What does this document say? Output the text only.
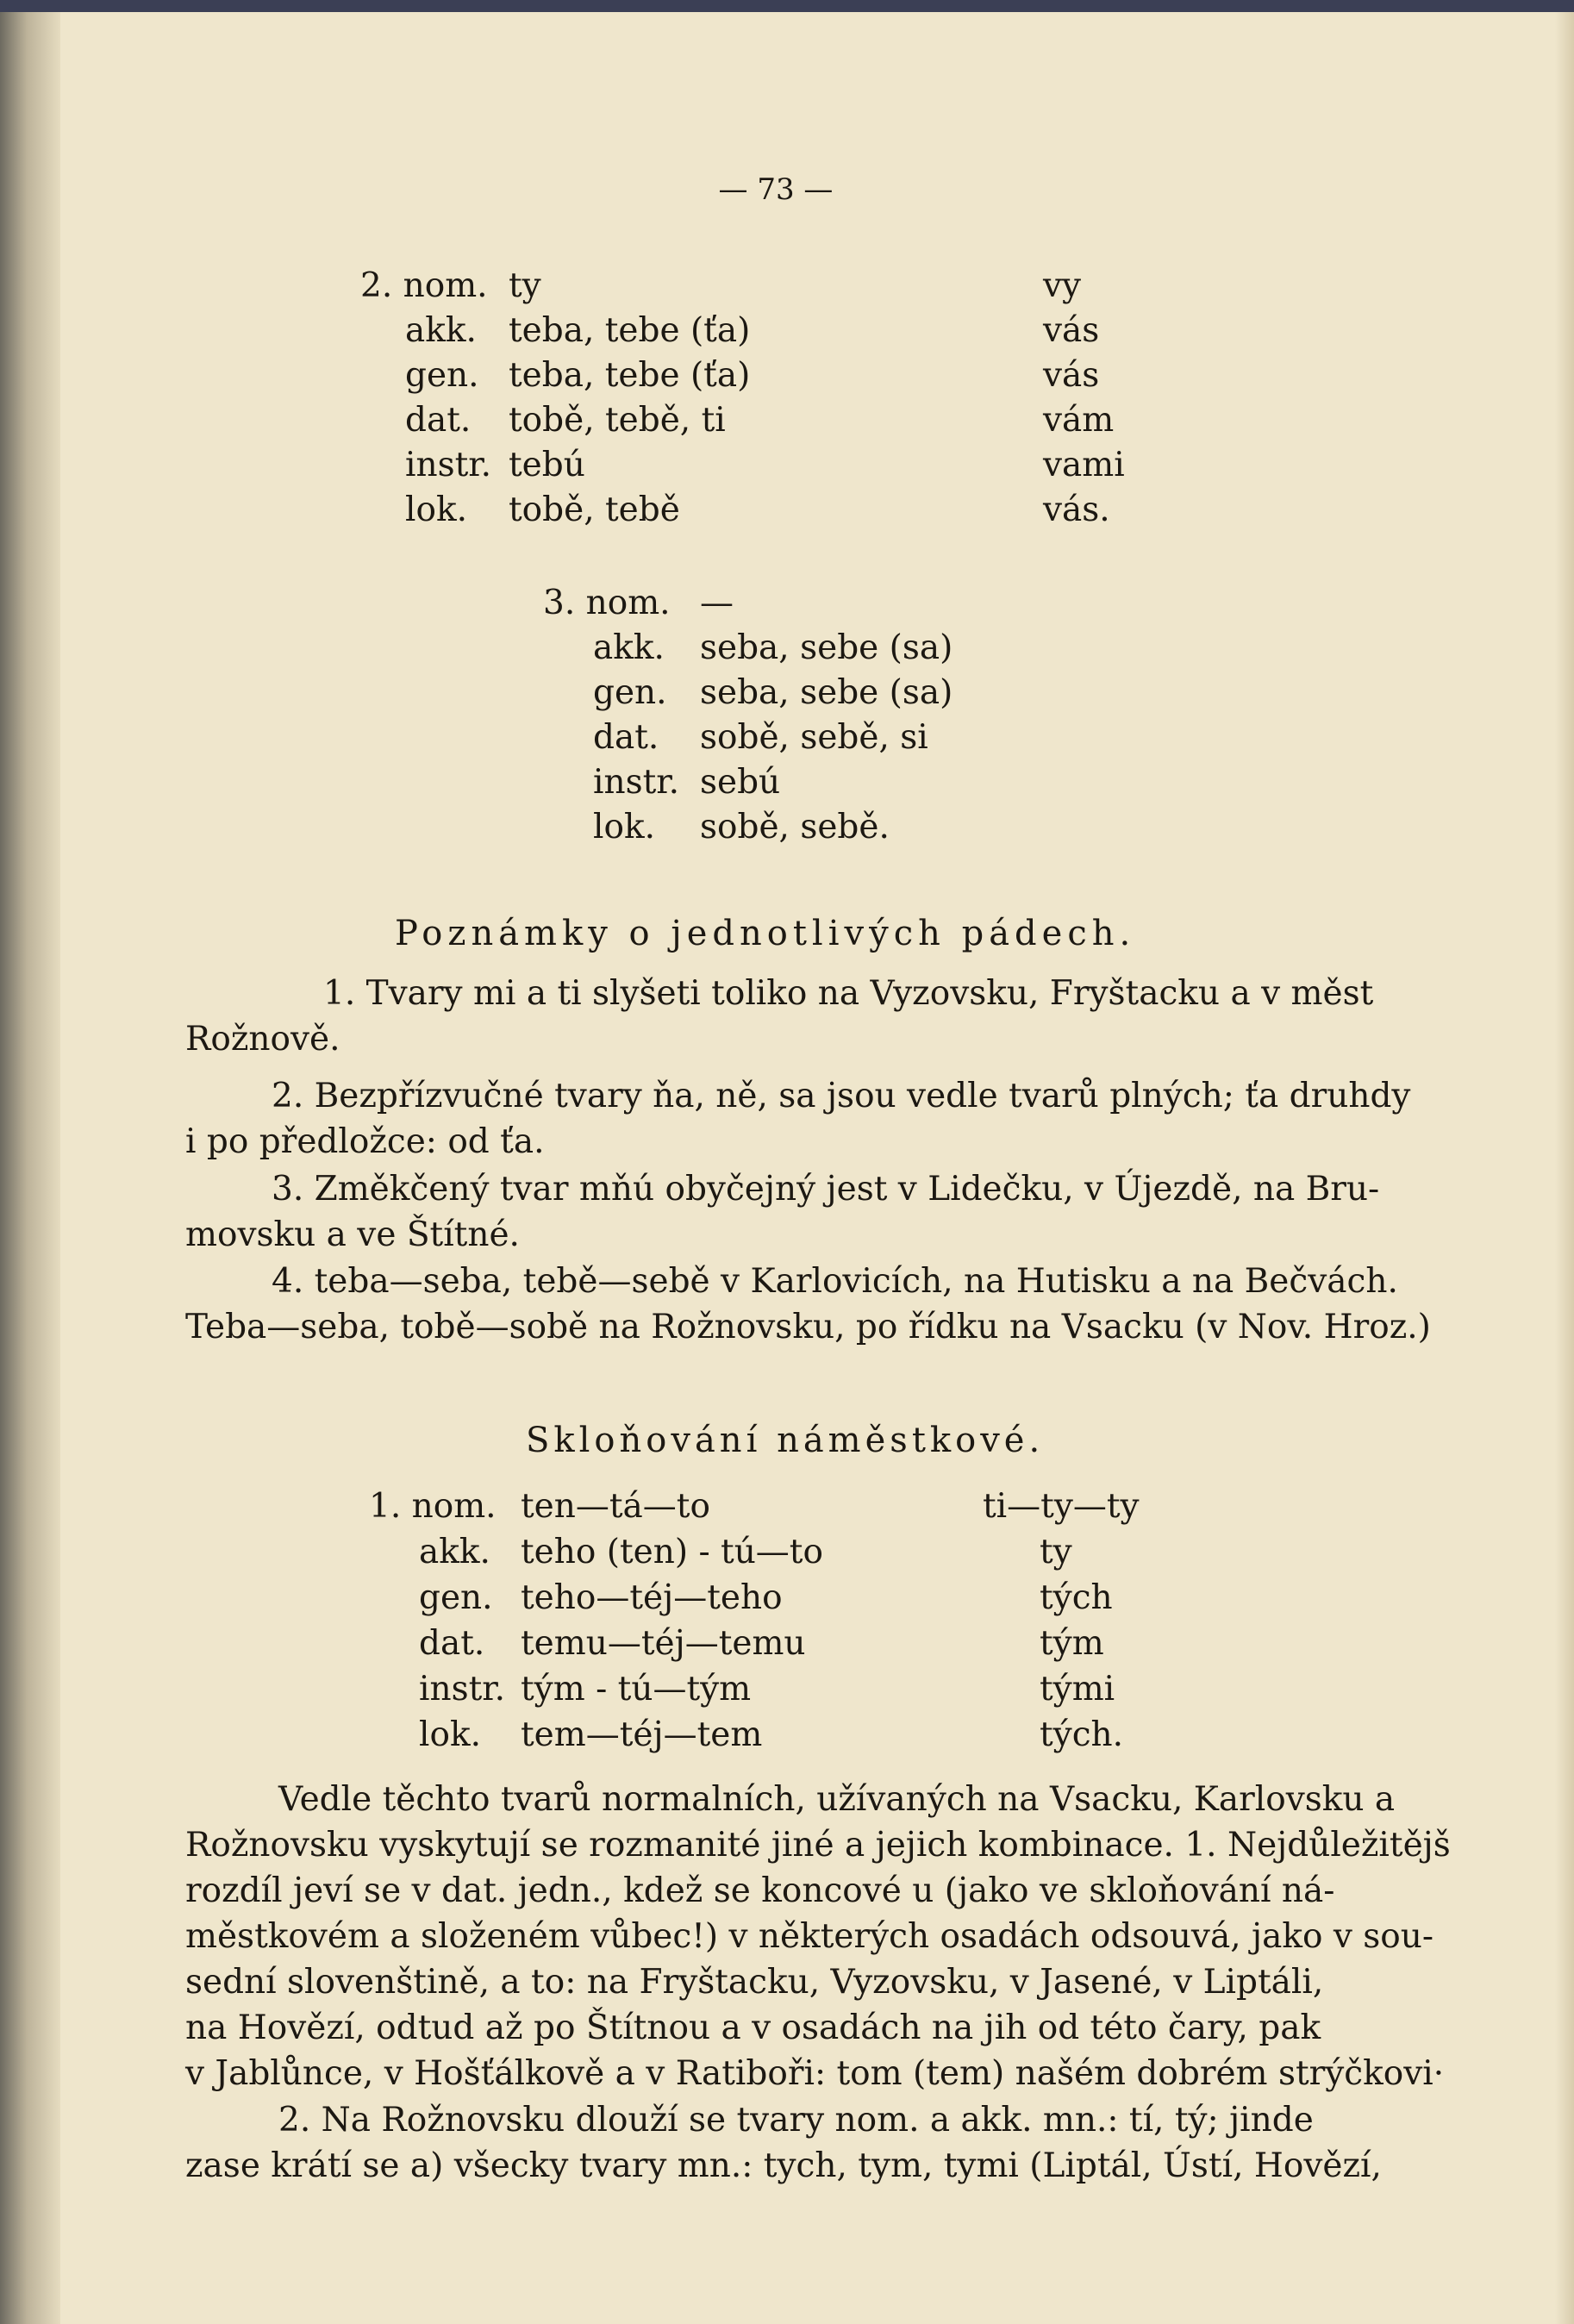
— 73 —
2. nom. ty	vy
akk. teba, tebe (ťa)	vás
gen. teba, tebe (ťa)	vás
dat. tobě, tebě, ti	vám
instr. tebú	vami
lok. tobě, tebě	vás.
3. nom. —
akk. seba, sebe (sa)
gen. seba, sebe (sa)
dat. sobě, sebě, si
instr. sebú
lok. sobě, sebě.
Poznámky o jednotlivých pádech.
1. Tvary mi a ti slyšeti toliko na Vyzovsku, Fryštacku a v měst
Rožnově.
2. Bezpřízvučné tvary ňa, ně, sa jsou vedle tvarů plných; ťa druhdy
i po předložce: od ťa.
3. Změkčený tvar mňú obyčejný jest v Lidečku, v Újezdě, na Bru-
movsku a ve Štítné.
4. teba—seba, tebě—sebě v Karlovicích, na Hutisku a na Bečvách.
Teba—seba, tobě—sobě na Rožnovsku, po řídku na Vsacku (v Nov. Hroz.)
Skloňování náměstkové.
1. nom. ten—tá—to	ti—ty—ty
akk. teho (ten) - tú—to	ty
gen. teho—téj—teho	tých
dat. temu—téj—temu	tým
instr. tým - tú—tým	tými
lok. tem—téj—tem	tých.
Vedle těchto tvarů normalních, užívaných na Vsacku, Karlovsku a
Rožnovsku vyskytují se rozmanité jiné a jejich kombinace. 1. Nejdůležitějš
rozdíl jeví se v dat. jedn., kdež se koncové u (jako ve skloňování ná-
městkovém a složeném vůbec!) v některých osadách odsouvá, jako v sou-
sední slovenštině, a to: na Fryštacku, Vyzovsku, v Jasené, v Liptáli,
na Hovězí, odtud až po Štítnou a v osadách na jih od této čary, pak
v Jablůnce, v Hošťálkově a v Ratiboři: tom (tem) našém dobrém strýčkovi·
2. Na Rožnovsku dlouží se tvary nom. a akk. mn.: tí, tý; jinde
zase krátí se a) všecky tvary mn.: tych, tym, tymi (Liptál, Ústí, Hovězí,
